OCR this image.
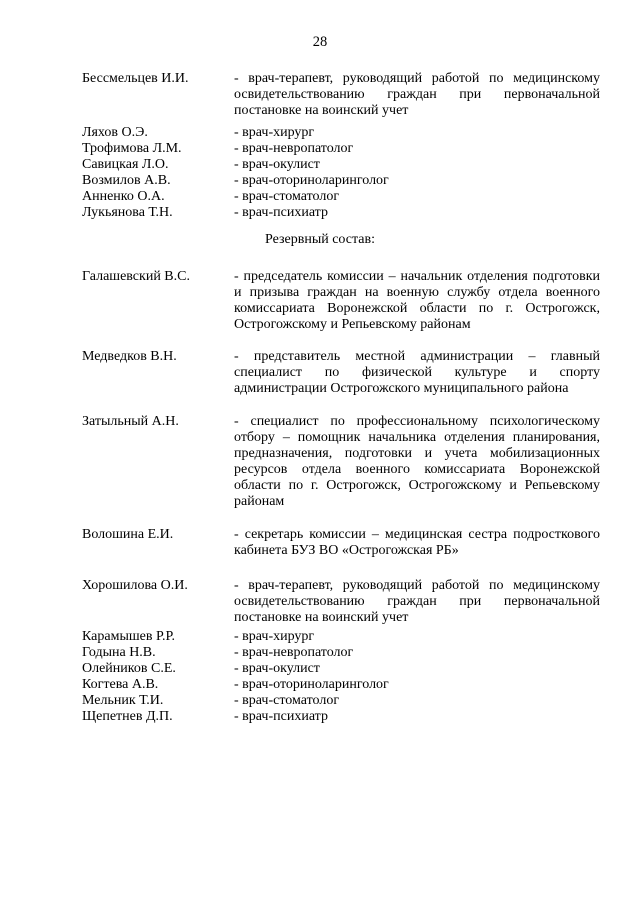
28
Бессмельцев И.И.	- врач-терапевт, руководящий работой по медицинскому
освидетельствованию граждан при первоначальной
постановке на воинский учет
Ляхов О.Э.	- врач-хирург
Трофимова Л.М.	- врач-невропатолог
Савицкая Л.О.	- врач-окулист
Возмилов А.В.	- врач-оториноларинголог
Анненко О.А.	- врач-стоматолог
Лукьянова Т.Н.	- врач-психиатр
Резервный состав:
Галашевский В.С.	- председатель комиссии – начальник отделения подготовки
и призыва граждан на военную службу отдела военного
комиссариата Воронежской области по г. Острогожск,
Острогожскому и Репьевскому районам
Медведков В.Н.	- представитель местной администрации – главный
специалист по физической культуре и спорту
администрации Острогожского муниципального района
Затыльный А.Н.	- специалист по профессиональному психологическому
отбору – помощник начальника отделения планирования,
предназначения, подготовки и учета мобилизационных
ресурсов отдела военного комиссариата Воронежской
области по г. Острогожск, Острогожскому и Репьевскому
районам
Волошина Е.И.	- секретарь комиссии – медицинская сестра подросткового
кабинета БУЗ ВО «Острогожская РБ»
Хорошилова О.И.	- врач-терапевт, руководящий работой по медицинскому
освидетельствованию граждан при первоначальной
постановке на воинский учет
Карамышев Р.Р.	- врач-хирург
Годына Н.В.	- врач-невропатолог
Олейников С.Е.	- врач-окулист
Когтева А.В.	- врач-оториноларинголог
Мельник Т.И.	- врач-стоматолог
Щепетнев Д.П.	- врач-психиатр
